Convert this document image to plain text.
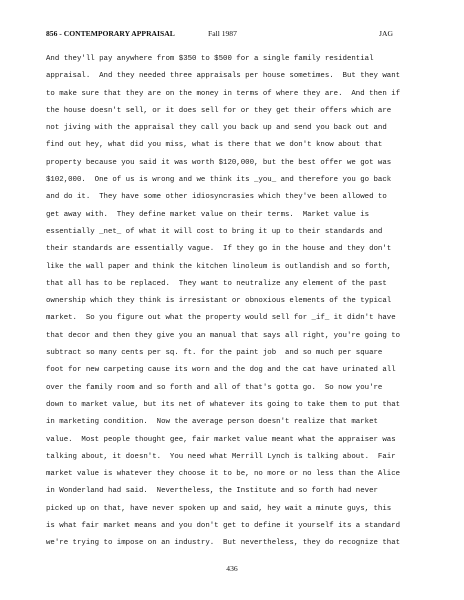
856 - CONTEMPORARY APPRAISAL	Fall 1987	JAG
And they'll pay anywhere from $350 to $500 for a single family residential
appraisal.  And they needed three appraisals per house sometimes.  But they want
to make sure that they are on the money in terms of where they are.  And then if
the house doesn't sell, or it does sell for or they get their offers which are
not jiving with the appraisal they call you back up and send you back out and
find out hey, what did you miss, what is there that we don't know about that
property because you said it was worth $120,000, but the best offer we got was
$102,000.  One of us is wrong and we think its _you_ and therefore you go back
and do it.  They have some other idiosyncrasies which they've been allowed to
get away with.  They define market value on their terms.  Market value is
essentially _net_ of what it will cost to bring it up to their standards and
their standards are essentially vague.  If they go in the house and they don't
like the wall paper and think the kitchen linoleum is outlandish and so forth,
that all has to be replaced.  They want to neutralize any element of the past
ownership which they think is irresistant or obnoxious elements of the typical
market.  So you figure out what the property would sell for _if_ it didn't have
that decor and then they give you an manual that says all right, you're going to
subtract so many cents per sq. ft. for the paint job  and so much per square
foot for new carpeting cause its worn and the dog and the cat have urinated all
over the family room and so forth and all of that's gotta go.  So now you're
down to market value, but its net of whatever its going to take them to put that
in marketing condition.  Now the average person doesn't realize that market
value.  Most people thought gee, fair market value meant what the appraiser was
talking about, it doesn't.  You need what Merrill Lynch is talking about.  Fair
market value is whatever they choose it to be, no more or no less than the Alice
in Wonderland had said.  Nevertheless, the Institute and so forth had never
picked up on that, have never spoken up and said, hey wait a minute guys, this
is what fair market means and you don't get to define it yourself its a standard
we're trying to impose on an industry.  But nevertheless, they do recognize that
436
